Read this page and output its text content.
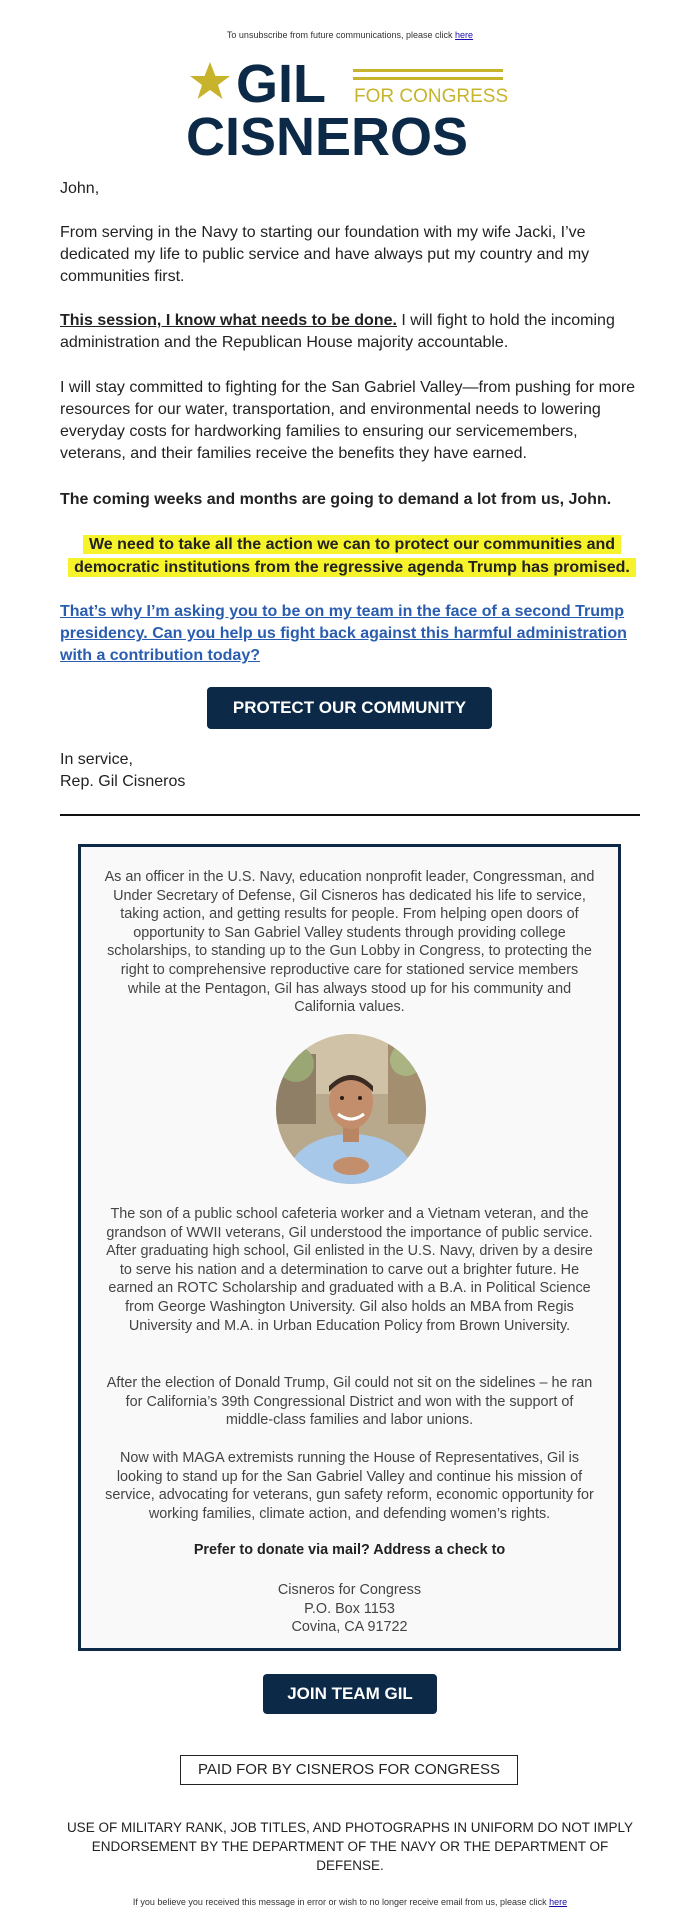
To unsubscribe from future communications, please click here
GIL FOR CONGRESS
CISNEROS
John,
From serving in the Navy to starting our foundation with my wife Jacki, I’ve dedicated my life to public service and have always put my country and my communities first.
This session, I know what needs to be done. I will fight to hold the incoming administration and the Republican House majority accountable.
I will stay committed to fighting for the San Gabriel Valley—from pushing for more resources for our water, transportation, and environmental needs to lowering everyday costs for hardworking families to ensuring our servicemembers, veterans, and their families receive the benefits they have earned.
The coming weeks and months are going to demand a lot from us, John.
We need to take all the action we can to protect our communities and
democratic institutions from the regressive agenda Trump has promised.
That’s why I’m asking you to be on my team in the face of a second Trump presidency. Can you help us fight back against this harmful administration with a contribution today?
PROTECT OUR COMMUNITY
In service,
Rep. Gil Cisneros
As an officer in the U.S. Navy, education nonprofit leader, Congressman, and Under Secretary of Defense, Gil Cisneros has dedicated his life to service, taking action, and getting results for people. From helping open doors of opportunity to San Gabriel Valley students through providing college scholarships, to standing up to the Gun Lobby in Congress, to protecting the right to comprehensive reproductive care for stationed service members while at the Pentagon, Gil has always stood up for his community and California values.
The son of a public school cafeteria worker and a Vietnam veteran, and the grandson of WWII veterans, Gil understood the importance of public service. After graduating high school, Gil enlisted in the U.S. Navy, driven by a desire to serve his nation and a determination to carve out a brighter future. He earned an ROTC Scholarship and graduated with a B.A. in Political Science from George Washington University. Gil also holds an MBA from Regis University and M.A. in Urban Education Policy from Brown University.
After the election of Donald Trump, Gil could not sit on the sidelines – he ran for California’s 39th Congressional District and won with the support of middle-class families and labor unions.
Now with MAGA extremists running the House of Representatives, Gil is looking to stand up for the San Gabriel Valley and continue his mission of service, advocating for veterans, gun safety reform, economic opportunity for working families, climate action, and defending women’s rights.
Prefer to donate via mail? Address a check to
Cisneros for Congress
P.O. Box 1153
Covina, CA 91722
JOIN TEAM GIL
PAID FOR BY CISNEROS FOR CONGRESS
USE OF MILITARY RANK, JOB TITLES, AND PHOTOGRAPHS IN UNIFORM DO NOT IMPLY ENDORSEMENT BY THE DEPARTMENT OF THE NAVY OR THE DEPARTMENT OF DEFENSE.
If you believe you received this message in error or wish to no longer receive email from us, please click here
